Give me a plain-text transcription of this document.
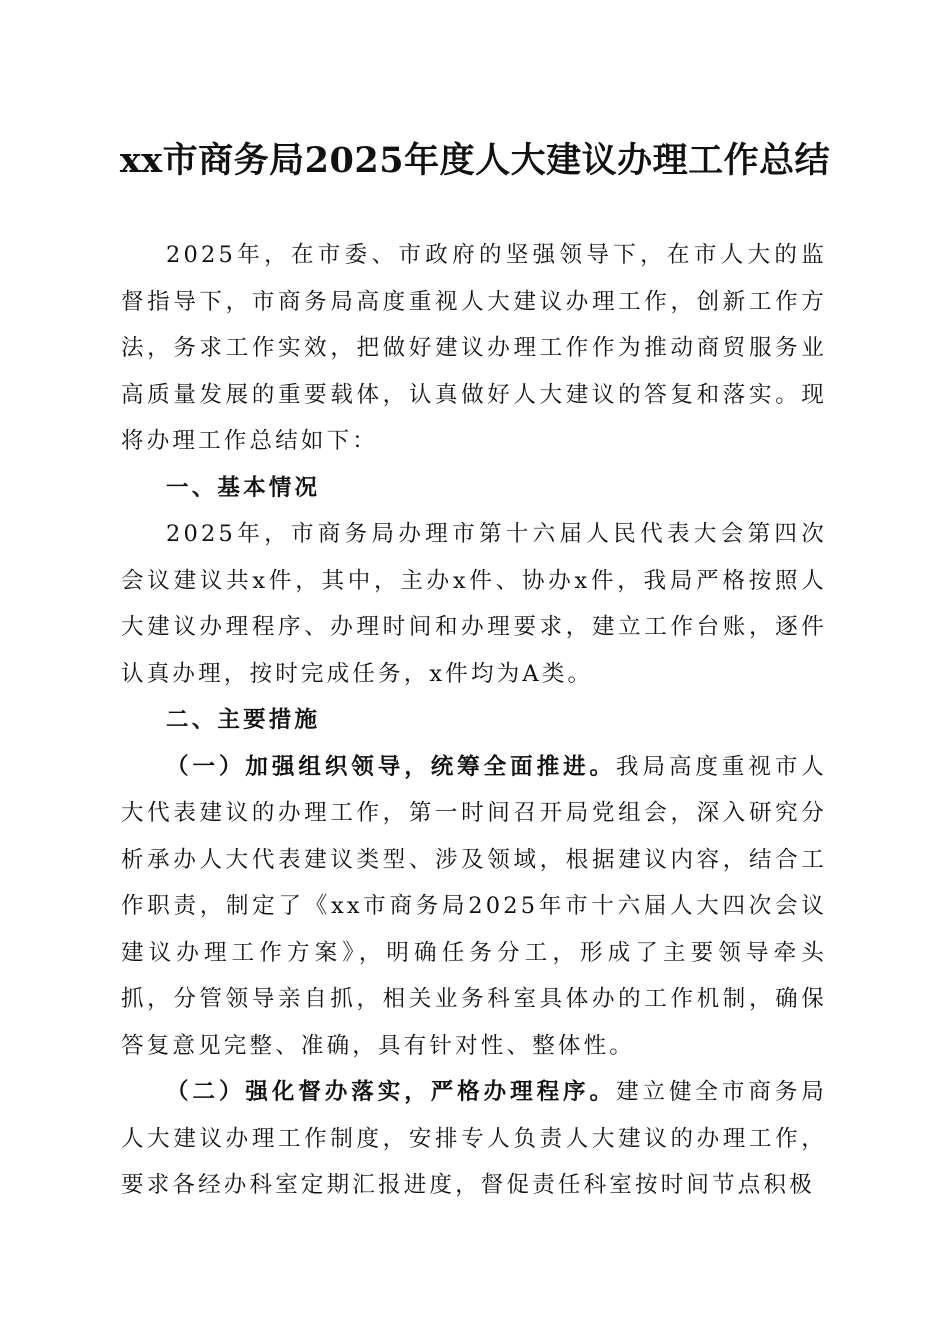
xx市商务局2025年度人大建议办理工作总结

2025年，在市委、市政府的坚强领导下，在市人大的监督指导下，市商务局高度重视人大建议办理工作，创新工作方法，务求工作实效，把做好建议办理工作作为推动商贸服务业高质量发展的重要载体，认真做好人大建议的答复和落实。现将办理工作总结如下：

一、基本情况

2025年，市商务局办理市第十六届人民代表大会第四次会议建议共x件，其中，主办x件、协办x件，我局严格按照人大建议办理程序、办理时间和办理要求，建立工作台账，逐件认真办理，按时完成任务，x件均为A类。

二、主要措施

（一）加强组织领导，统筹全面推进。我局高度重视市人大代表建议的办理工作，第一时间召开局党组会，深入研究分析承办人大代表建议类型、涉及领域，根据建议内容，结合工作职责，制定了《xx市商务局2025年市十六届人大四次会议建议办理工作方案》，明确任务分工，形成了主要领导牵头抓，分管领导亲自抓，相关业务科室具体办的工作机制，确保答复意见完整、准确，具有针对性、整体性。

（二）强化督办落实，严格办理程序。建立健全市商务局人大建议办理工作制度，安排专人负责人大建议的办理工作，要求各经办科室定期汇报进度，督促责任科室按时间节点积极
